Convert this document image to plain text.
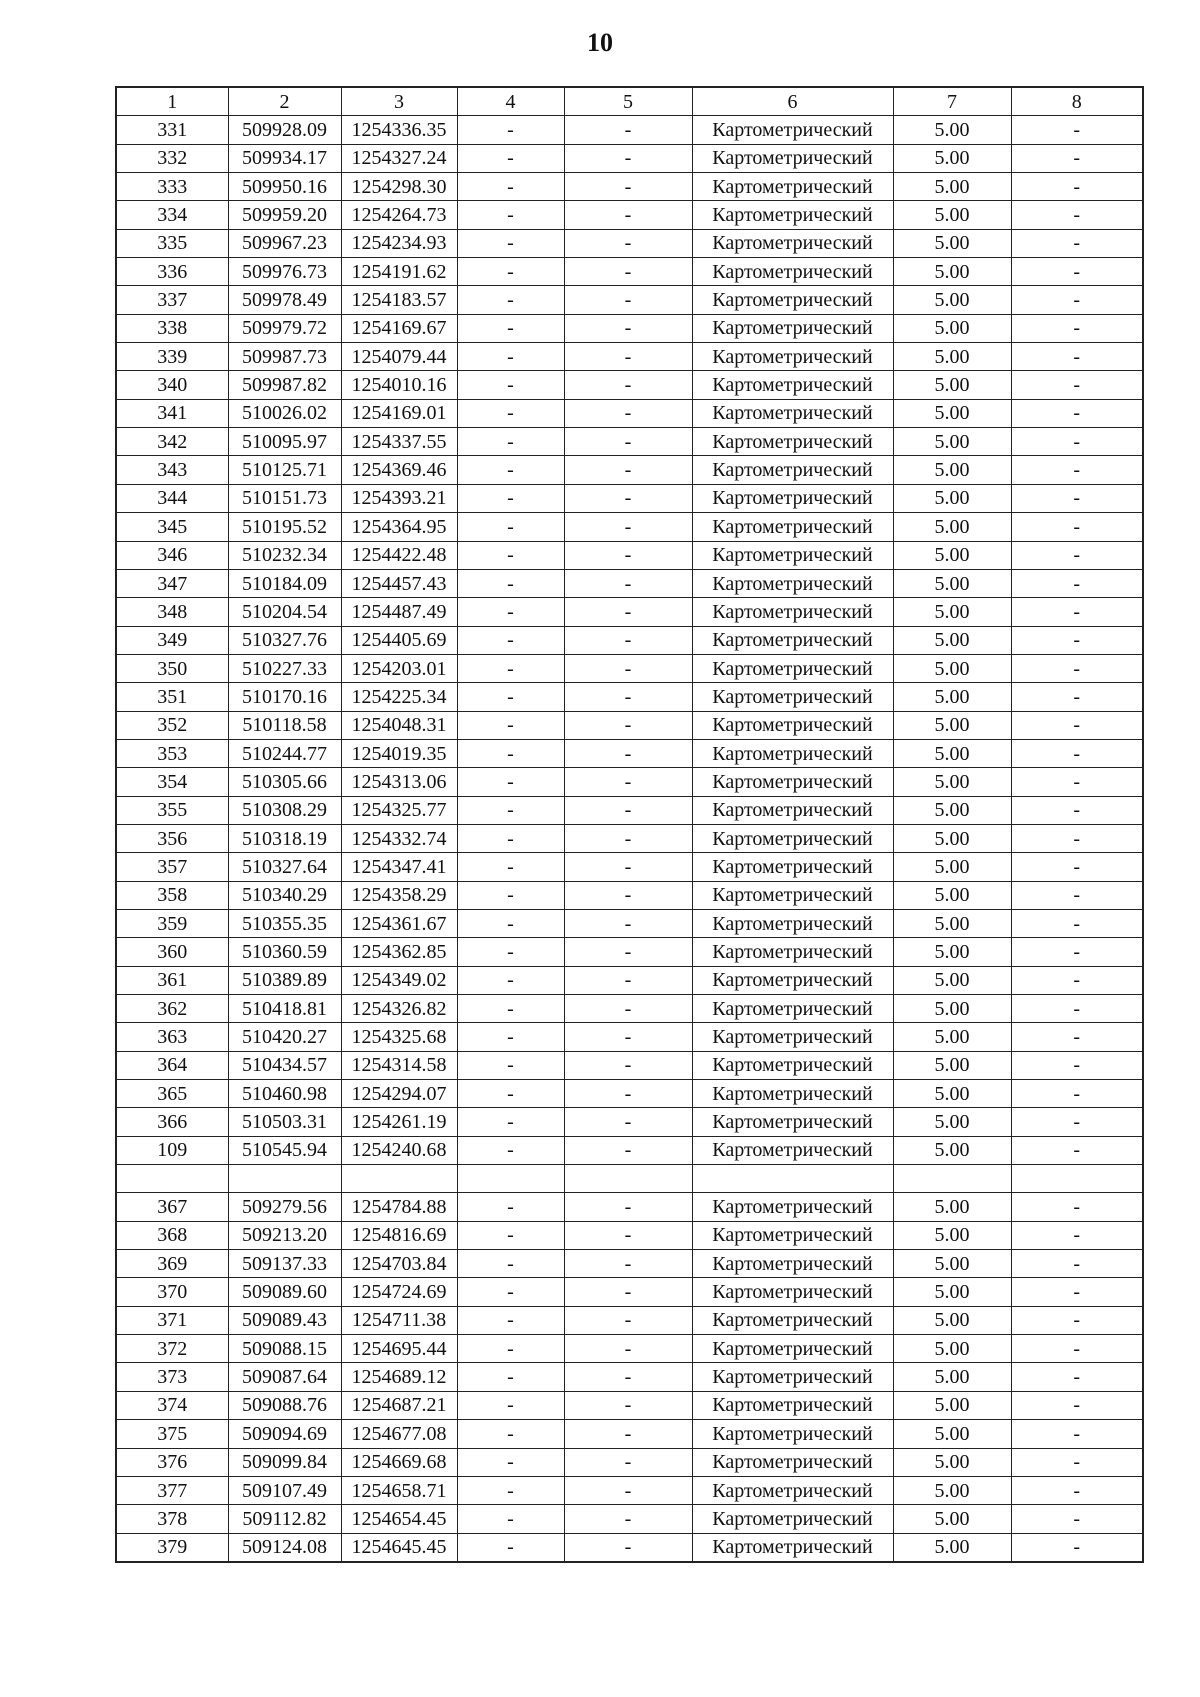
10
1	2	3	4	5	6	7	8
331	509928.09	1254336.35	-	-	Картометрический	5.00	-
332	509934.17	1254327.24	-	-	Картометрический	5.00	-
333	509950.16	1254298.30	-	-	Картометрический	5.00	-
334	509959.20	1254264.73	-	-	Картометрический	5.00	-
335	509967.23	1254234.93	-	-	Картометрический	5.00	-
336	509976.73	1254191.62	-	-	Картометрический	5.00	-
337	509978.49	1254183.57	-	-	Картометрический	5.00	-
338	509979.72	1254169.67	-	-	Картометрический	5.00	-
339	509987.73	1254079.44	-	-	Картометрический	5.00	-
340	509987.82	1254010.16	-	-	Картометрический	5.00	-
341	510026.02	1254169.01	-	-	Картометрический	5.00	-
342	510095.97	1254337.55	-	-	Картометрический	5.00	-
343	510125.71	1254369.46	-	-	Картометрический	5.00	-
344	510151.73	1254393.21	-	-	Картометрический	5.00	-
345	510195.52	1254364.95	-	-	Картометрический	5.00	-
346	510232.34	1254422.48	-	-	Картометрический	5.00	-
347	510184.09	1254457.43	-	-	Картометрический	5.00	-
348	510204.54	1254487.49	-	-	Картометрический	5.00	-
349	510327.76	1254405.69	-	-	Картометрический	5.00	-
350	510227.33	1254203.01	-	-	Картометрический	5.00	-
351	510170.16	1254225.34	-	-	Картометрический	5.00	-
352	510118.58	1254048.31	-	-	Картометрический	5.00	-
353	510244.77	1254019.35	-	-	Картометрический	5.00	-
354	510305.66	1254313.06	-	-	Картометрический	5.00	-
355	510308.29	1254325.77	-	-	Картометрический	5.00	-
356	510318.19	1254332.74	-	-	Картометрический	5.00	-
357	510327.64	1254347.41	-	-	Картометрический	5.00	-
358	510340.29	1254358.29	-	-	Картометрический	5.00	-
359	510355.35	1254361.67	-	-	Картометрический	5.00	-
360	510360.59	1254362.85	-	-	Картометрический	5.00	-
361	510389.89	1254349.02	-	-	Картометрический	5.00	-
362	510418.81	1254326.82	-	-	Картометрический	5.00	-
363	510420.27	1254325.68	-	-	Картометрический	5.00	-
364	510434.57	1254314.58	-	-	Картометрический	5.00	-
365	510460.98	1254294.07	-	-	Картометрический	5.00	-
366	510503.31	1254261.19	-	-	Картометрический	5.00	-
109	510545.94	1254240.68	-	-	Картометрический	5.00	-

367	509279.56	1254784.88	-	-	Картометрический	5.00	-
368	509213.20	1254816.69	-	-	Картометрический	5.00	-
369	509137.33	1254703.84	-	-	Картометрический	5.00	-
370	509089.60	1254724.69	-	-	Картометрический	5.00	-
371	509089.43	1254711.38	-	-	Картометрический	5.00	-
372	509088.15	1254695.44	-	-	Картометрический	5.00	-
373	509087.64	1254689.12	-	-	Картометрический	5.00	-
374	509088.76	1254687.21	-	-	Картометрический	5.00	-
375	509094.69	1254677.08	-	-	Картометрический	5.00	-
376	509099.84	1254669.68	-	-	Картометрический	5.00	-
377	509107.49	1254658.71	-	-	Картометрический	5.00	-
378	509112.82	1254654.45	-	-	Картометрический	5.00	-
379	509124.08	1254645.45	-	-	Картометрический	5.00	-
